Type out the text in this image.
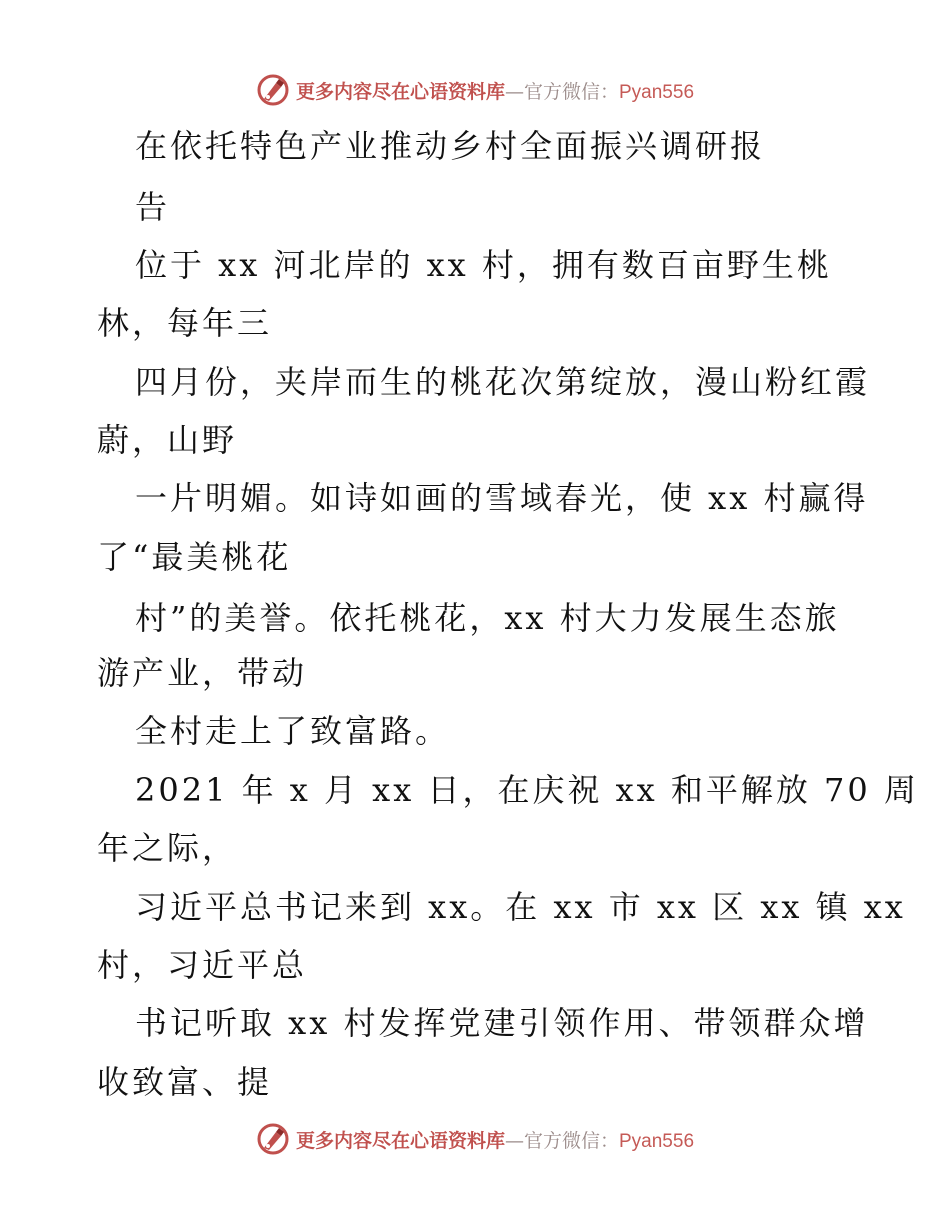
更多内容尽在心语资料库—官方微信：Pyan556
在依托特色产业推动乡村全面振兴调研报
告
位于 xx 河北岸的 xx 村，拥有数百亩野生桃
林，每年三
四月份，夹岸而生的桃花次第绽放，漫山粉红霞
蔚，山野
一片明媚。如诗如画的雪域春光，使 xx 村赢得
了“最美桃花
村”的美誉。依托桃花，xx 村大力发展生态旅
游产业，带动
全村走上了致富路。
2021 年 x 月 xx 日，在庆祝 xx 和平解放 70 周
年之际，
习近平总书记来到 xx。在 xx 市 xx 区 xx 镇 xx
村，习近平总
书记听取 xx 村发挥党建引领作用、带领群众增
收致富、提
更多内容尽在心语资料库—官方微信：Pyan556
